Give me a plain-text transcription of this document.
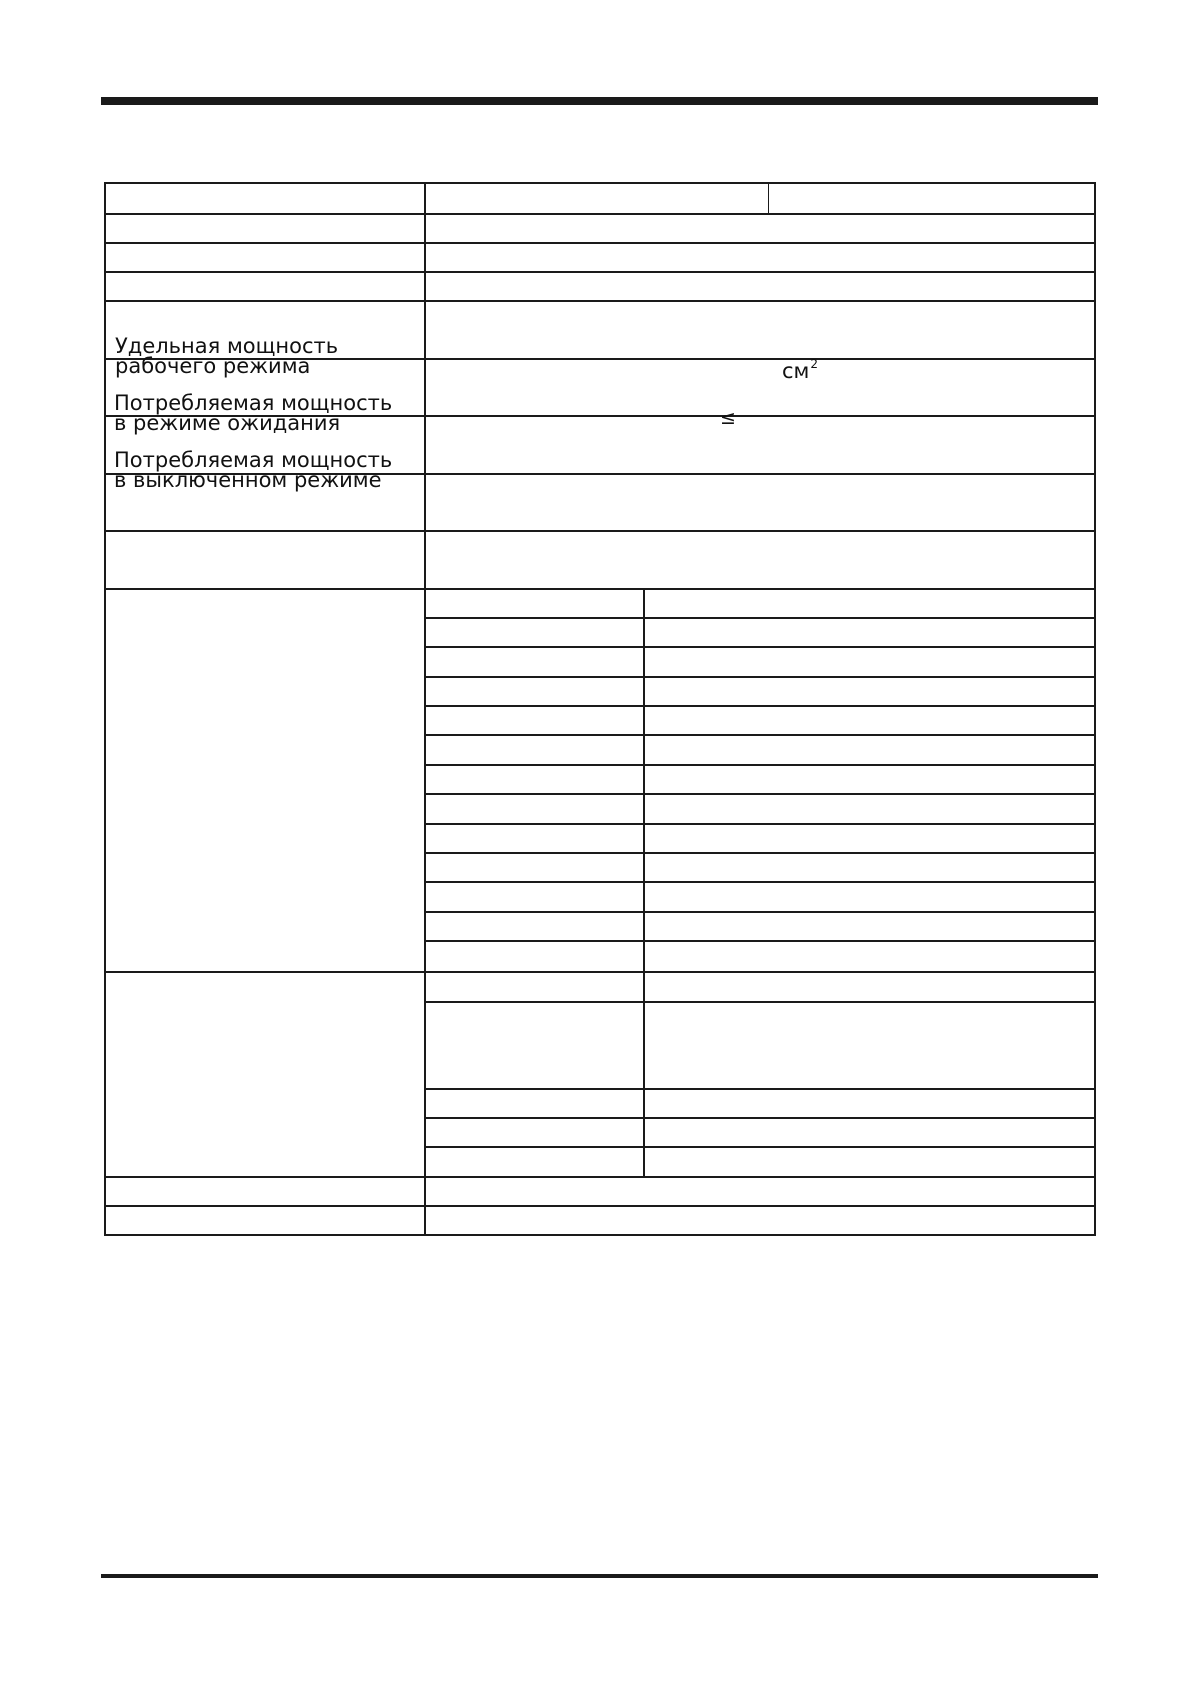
Удельная мощность
рабочего режима	$см^2$
Потребляемая мощность
в режиме ожидания	≤
Потребляемая мощность
в выключенном режиме
